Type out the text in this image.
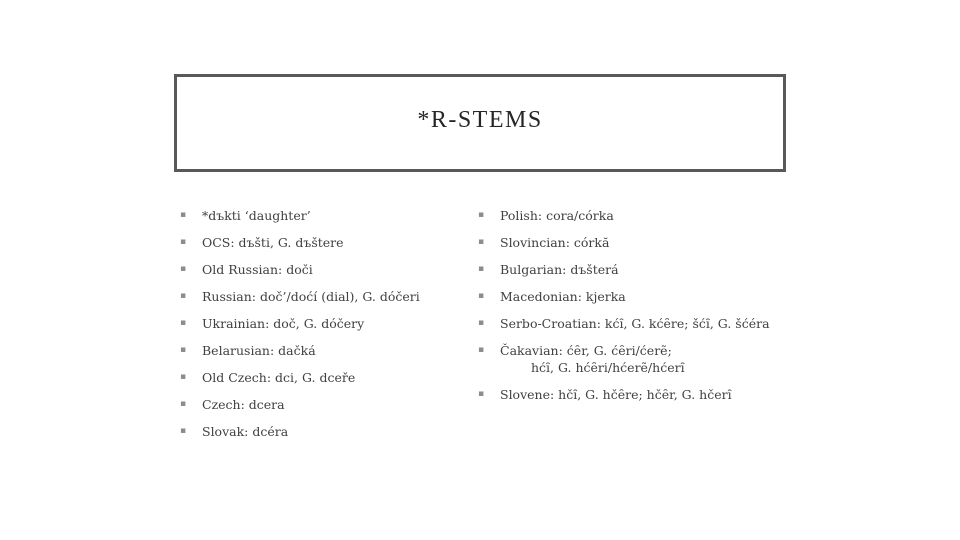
*R-STEMS
▪ *dъkti ‘daughter’
▪ OCS: dъšti, G. dъštere
▪ Old Russian: doči
▪ Russian: doč’/doćí (dial), G. dóčeri
▪ Ukrainian: doč, G. dóčery
▪ Belarusian: dačká
▪ Old Czech: dci, G. dceře
▪ Czech: dcera
▪ Slovak: dcéra
▪ Polish: cora/córka
▪ Slovincian: córkă
▪ Bulgarian: dъšterá
▪ Macedonian: kjerka
▪ Serbo-Croatian: kćȋ, G. kćȇre; šćȋ, G. šćéra
▪ Čakavian: ćȇr, G. ćȇri/ćerẽ;
hćȋ, G. hćȇri/hćerẽ/hćerȋ
▪ Slovene: hčȋ, G. hčȇre; hčȇr, G. hčerȋ
